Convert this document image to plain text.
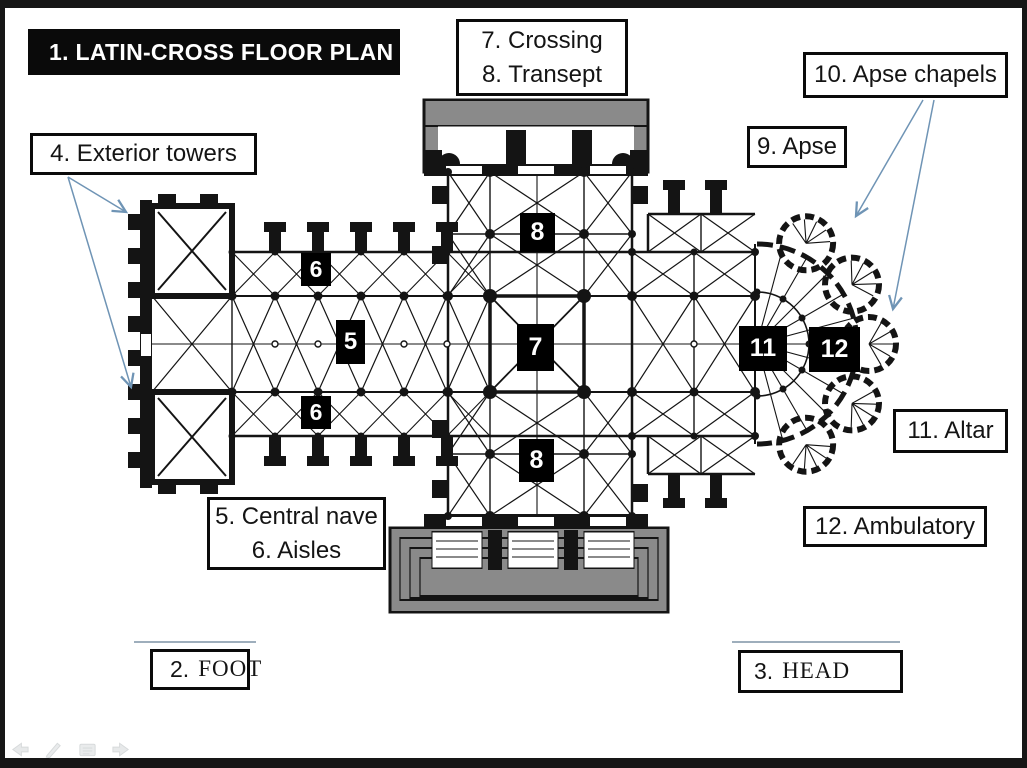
1. LATIN-CROSS FLOOR PLAN	7. Crossing
8. Transept	10. Apse chapels
9. Apse
4. Exterior towers
11. Altar
12. Ambulatory
5. Central nave
6. Aisles
2. FOOT	3. HEAD
8
6
5	7
6
8
11 12
